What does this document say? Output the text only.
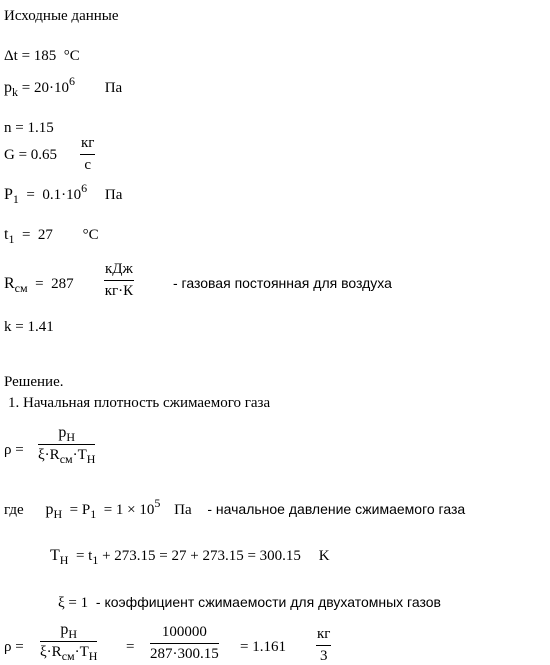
Исходные данные
Δt = 185 °C
$p_k = 20\cdot 10^6$ Па
n = 1.15
G = 0.65
кг
с
$P_1 = 0.1\cdot 10^6$ Па
$t_1 = 27$ °C
$R_{см} = 287$
кДж
кг·К	- газовая постоянная для воздуха
k = 1.41
Решение.
1. Начальная плотность сжимаемого газа
ρ =
$p_Н$
$\xi\cdot R_{см}\cdot T_Н$
где $p_Н = P_1 = 1 \times 10^5$ Па - начальное давление сжимаемого газа
$T_Н = t_1 + 273.15 = 27 + 273.15 = 300.15$ K
ξ = 1 - коэффициент сжимаемости для двухатомных газов
ρ =
$p_Н$
$\xi\cdot R_{см}\cdot T_Н$
=
100000
287·300.15 = 1.161
кг
3
